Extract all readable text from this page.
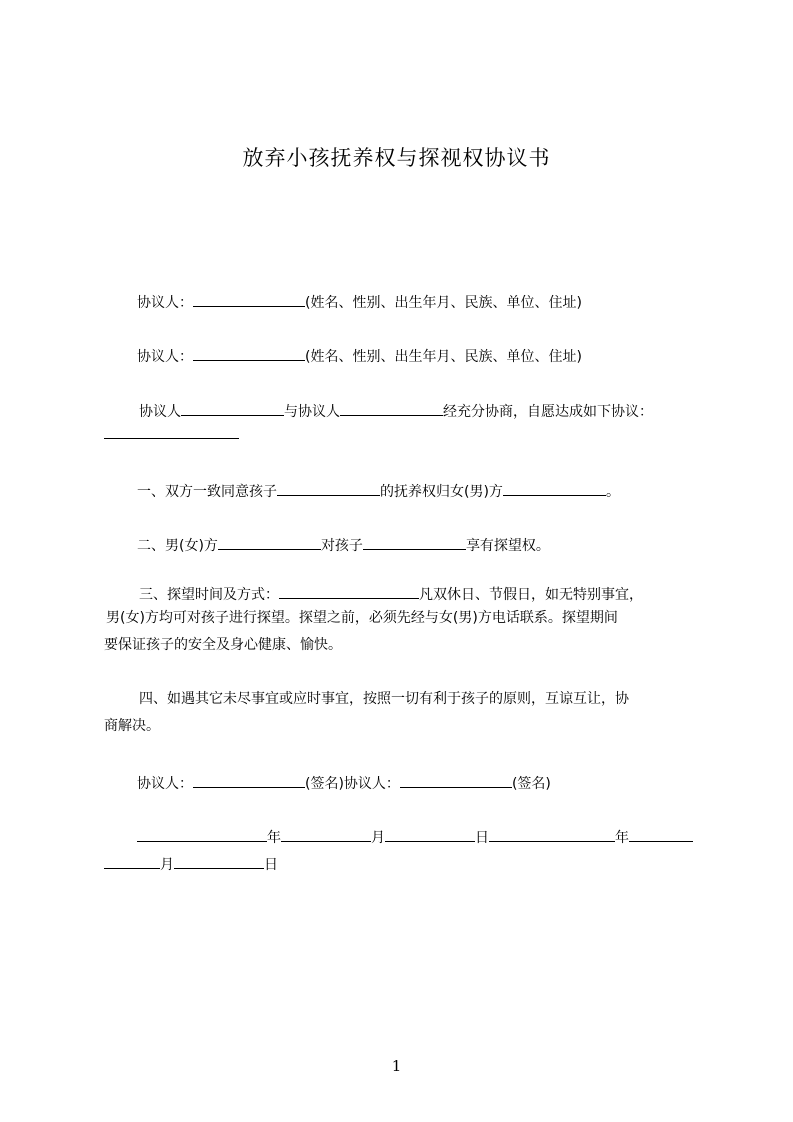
放弃小孩抚养权与探视权协议书
协议人：	(姓名、性别、出生年月、民族、单位、住址)
协议人：	(姓名、性别、出生年月、民族、单位、住址)
协议人	与协议人	经充分协商，自愿达成如下协议：
一、双方一致同意孩子	的抚养权归女(男)方	。
二、男(女)方	对孩子	享有探望权。
三、探望时间及方式：	凡双休日、节假日，如无特别事宜，
男(女)方均可对孩子进行探望。探望之前，必须先经与女(男)方电话联系。探望期间
要保证孩子的安全及身心健康、愉快。
四、如遇其它未尽事宜或应时事宜，按照一切有利于孩子的原则，互谅互让，协
商解决。
协议人：	(签名)协议人：	(签名)
年	月	日	年
月	日
1
